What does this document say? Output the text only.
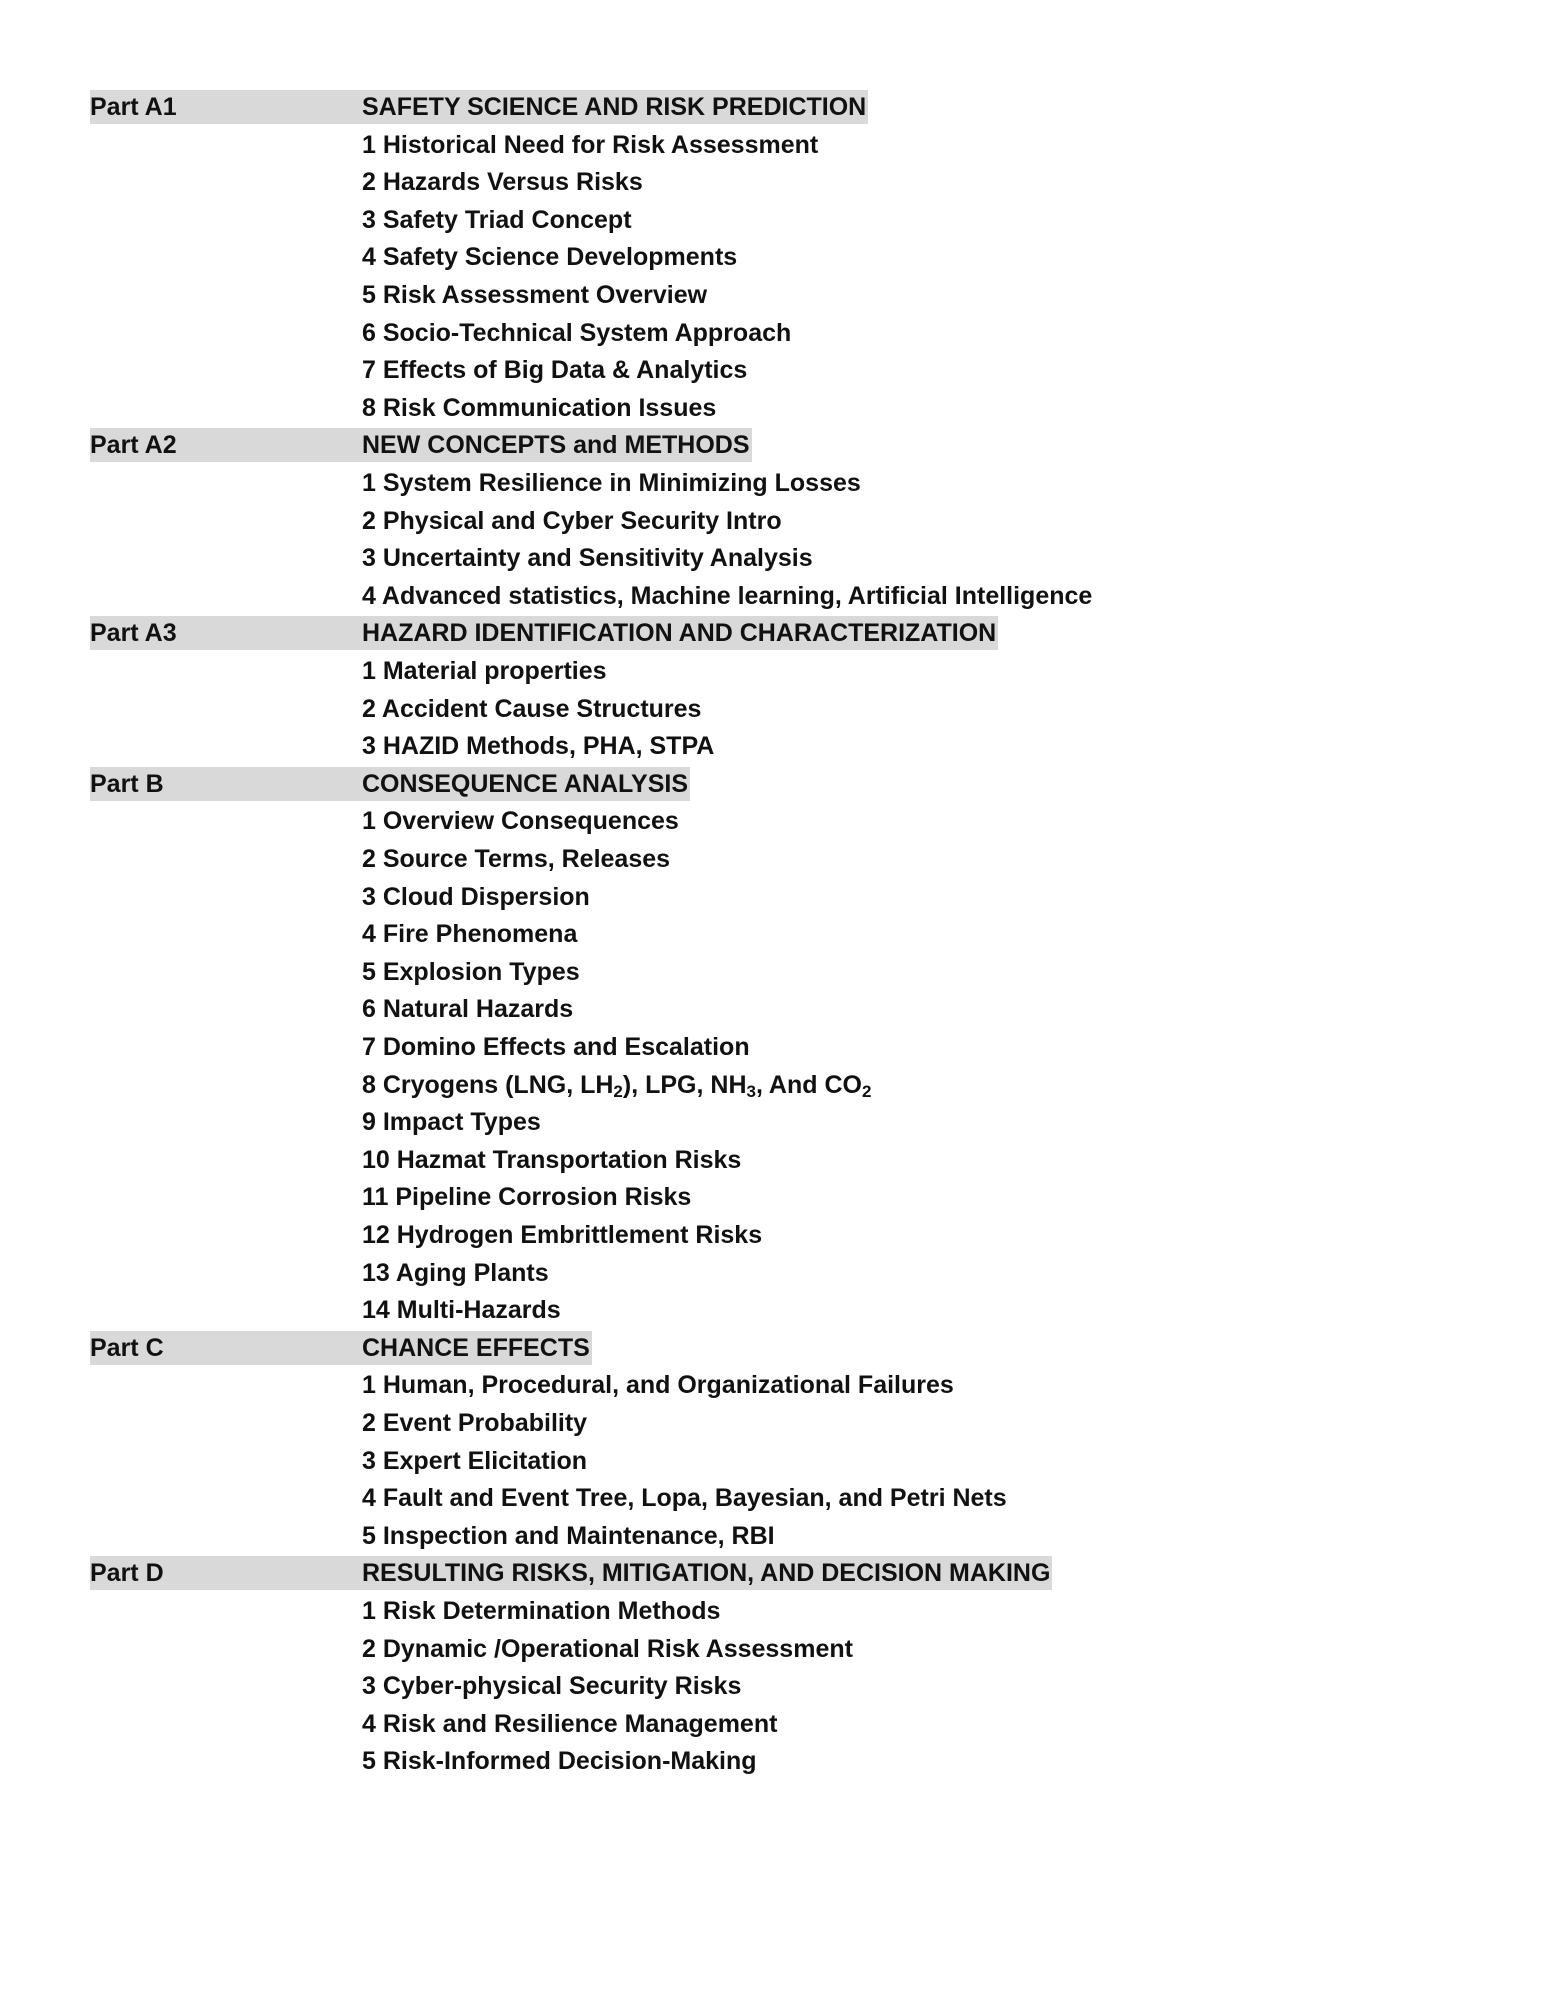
Part A1	SAFETY SCIENCE AND RISK PREDICTION
1 Historical Need for Risk Assessment
2 Hazards Versus Risks
3 Safety Triad Concept
4 Safety Science Developments
5 Risk Assessment Overview
6 Socio-Technical System Approach
7 Effects of Big Data & Analytics
8 Risk Communication Issues
Part A2	NEW CONCEPTS and METHODS
1 System Resilience in Minimizing Losses
2 Physical and Cyber Security Intro
3 Uncertainty and Sensitivity Analysis
4 Advanced statistics, Machine learning, Artificial Intelligence
Part A3	HAZARD IDENTIFICATION AND CHARACTERIZATION
1 Material properties
2 Accident Cause Structures
3 HAZID Methods, PHA, STPA
Part B	CONSEQUENCE ANALYSIS
1 Overview Consequences
2 Source Terms, Releases
3 Cloud Dispersion
4 Fire Phenomena
5 Explosion Types
6 Natural Hazards
7 Domino Effects and Escalation
8 Cryogens (LNG, $LH_2$), LPG, $NH_3$, And $CO_2$
9 Impact Types
10 Hazmat Transportation Risks
11 Pipeline Corrosion Risks
12 Hydrogen Embrittlement Risks
13 Aging Plants
14 Multi-Hazards
Part C	CHANCE EFFECTS
1 Human, Procedural, and Organizational Failures
2 Event Probability
3 Expert Elicitation
4 Fault and Event Tree, Lopa, Bayesian, and Petri Nets
5 Inspection and Maintenance, RBI
Part D	RESULTING RISKS, MITIGATION, AND DECISION MAKING
1 Risk Determination Methods
2 Dynamic /Operational Risk Assessment
3 Cyber-physical Security Risks
4 Risk and Resilience Management
5 Risk-Informed Decision-Making
